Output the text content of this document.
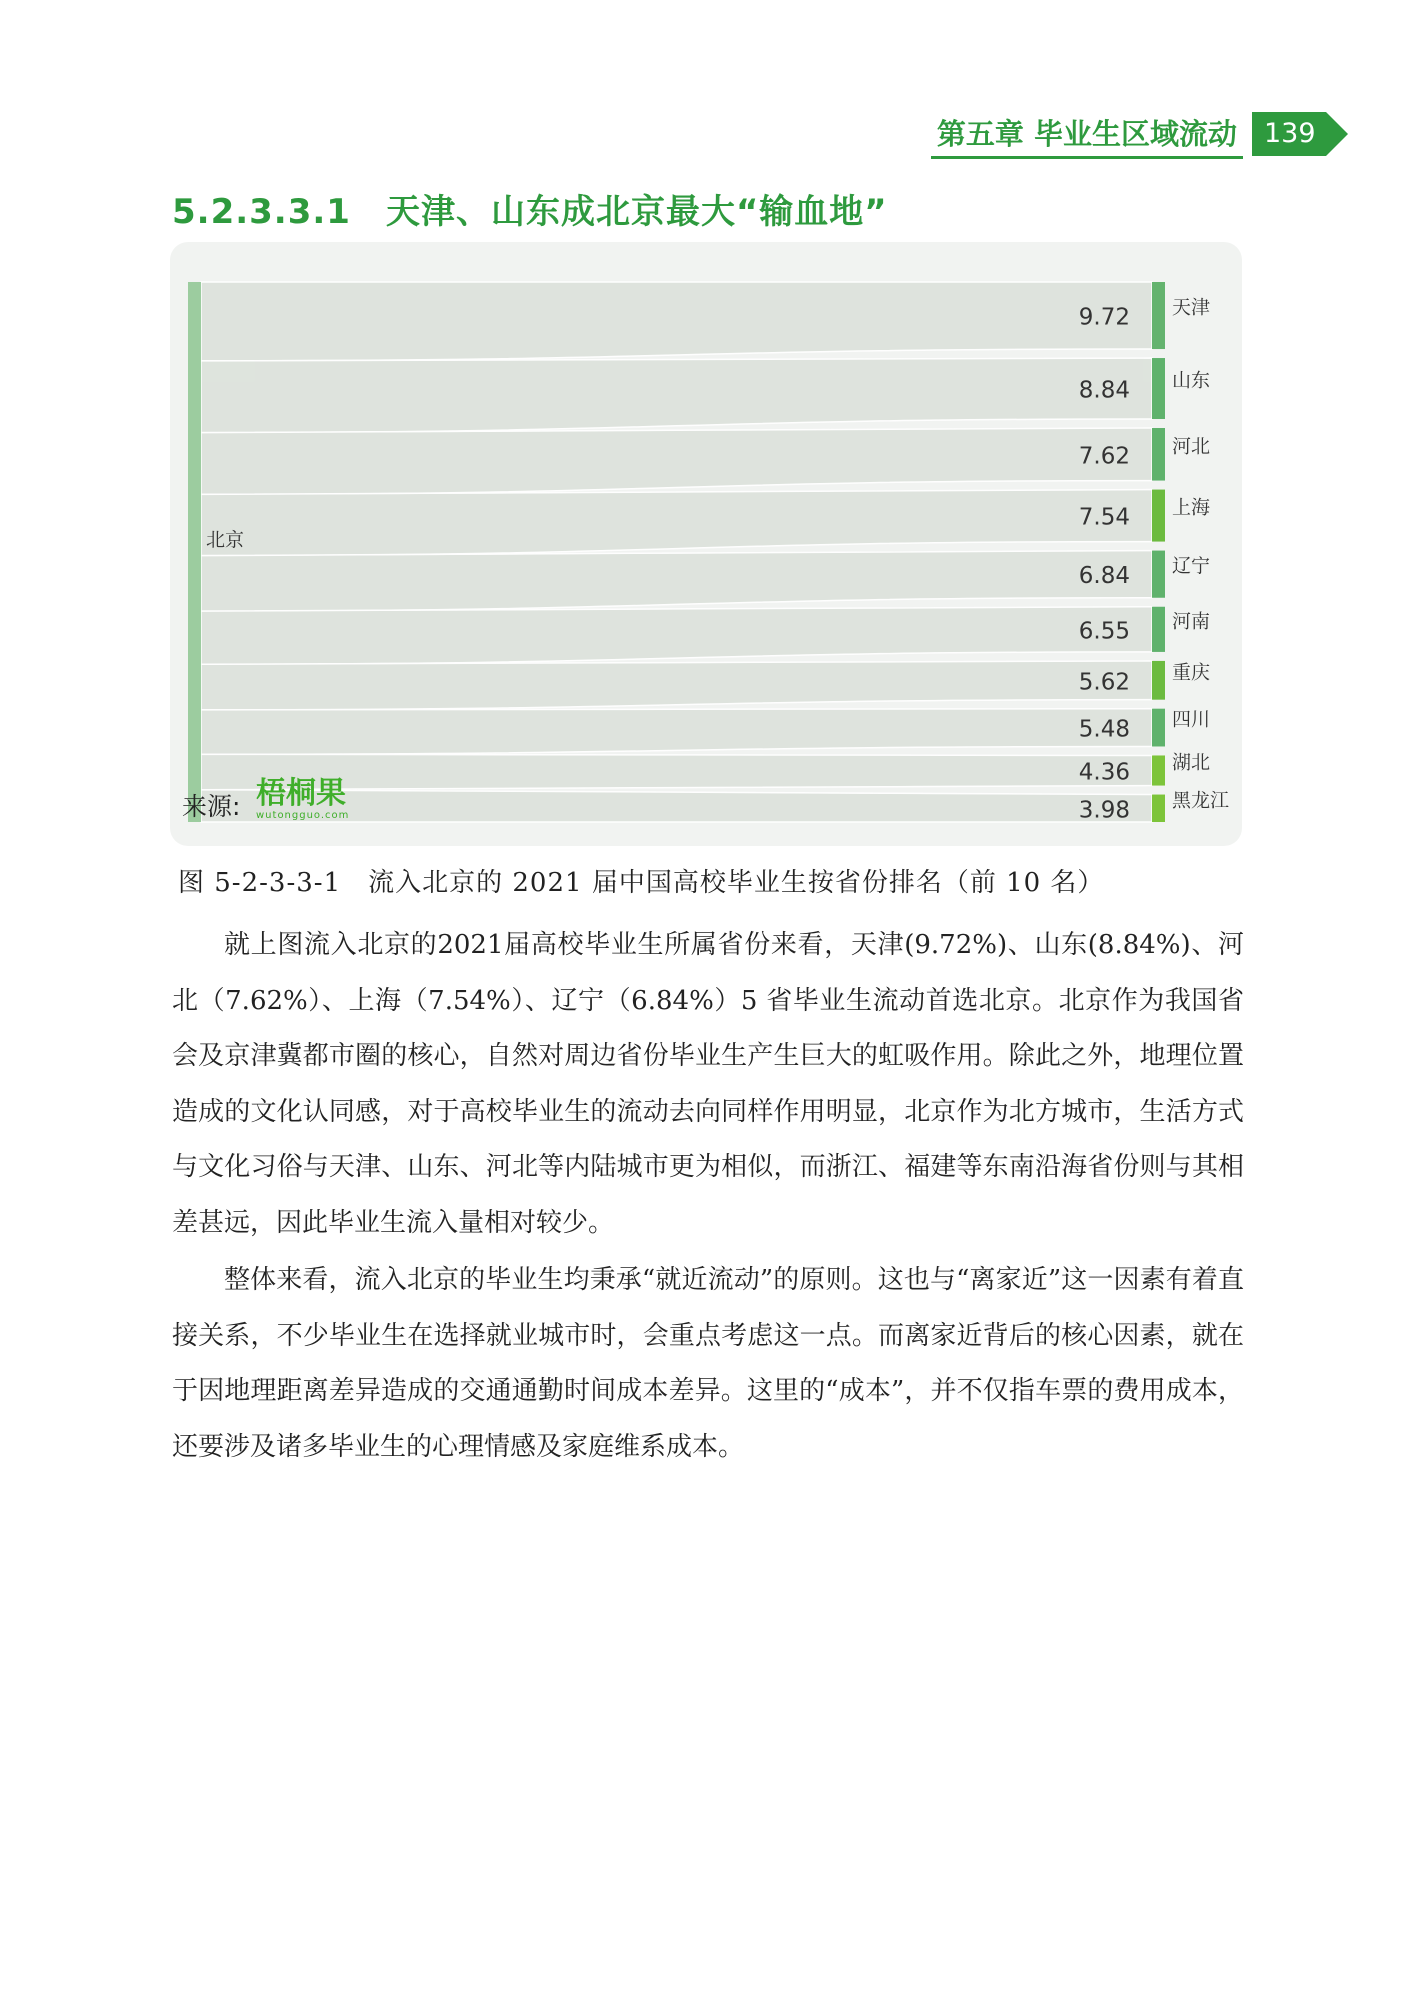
第五章 毕业生区域流动 139
5.2.3.3.1　天津、山东成北京最大“输血地”
北京
9.72 天津
8.84 山东
7.62 河北
7.54 上海
6.84 辽宁
6.55 河南
5.62 重庆
5.48 四川
4.36 湖北
3.98 黑龙江
来源: 梧桐果
wutongguo.com
图 5-2-3-3-1　流入北京的 2021 届中国高校毕业生按省份排名（前 10 名）

就上图流入北京的2021届高校毕业生所属省份来看，天津(9.72%)、山东(8.84%)、河北（7.62%）、上海（7.54%）、辽宁（6.84%）5 省毕业生流动首选北京。北京作为我国省会及京津冀都市圈的核心，自然对周边省份毕业生产生巨大的虹吸作用。除此之外，地理位置造成的文化认同感，对于高校毕业生的流动去向同样作用明显，北京作为北方城市，生活方式与文化习俗与天津、山东、河北等内陆城市更为相似，而浙江、福建等东南沿海省份则与其相差甚远，因此毕业生流入量相对较少。

整体来看，流入北京的毕业生均秉承“就近流动”的原则。这也与“离家近”这一因素有着直接关系，不少毕业生在选择就业城市时，会重点考虑这一点。而离家近背后的核心因素，就在于因地理距离差异造成的交通通勤时间成本差异。这里的“成本”，并不仅指车票的费用成本，还要涉及诸多毕业生的心理情感及家庭维系成本。
